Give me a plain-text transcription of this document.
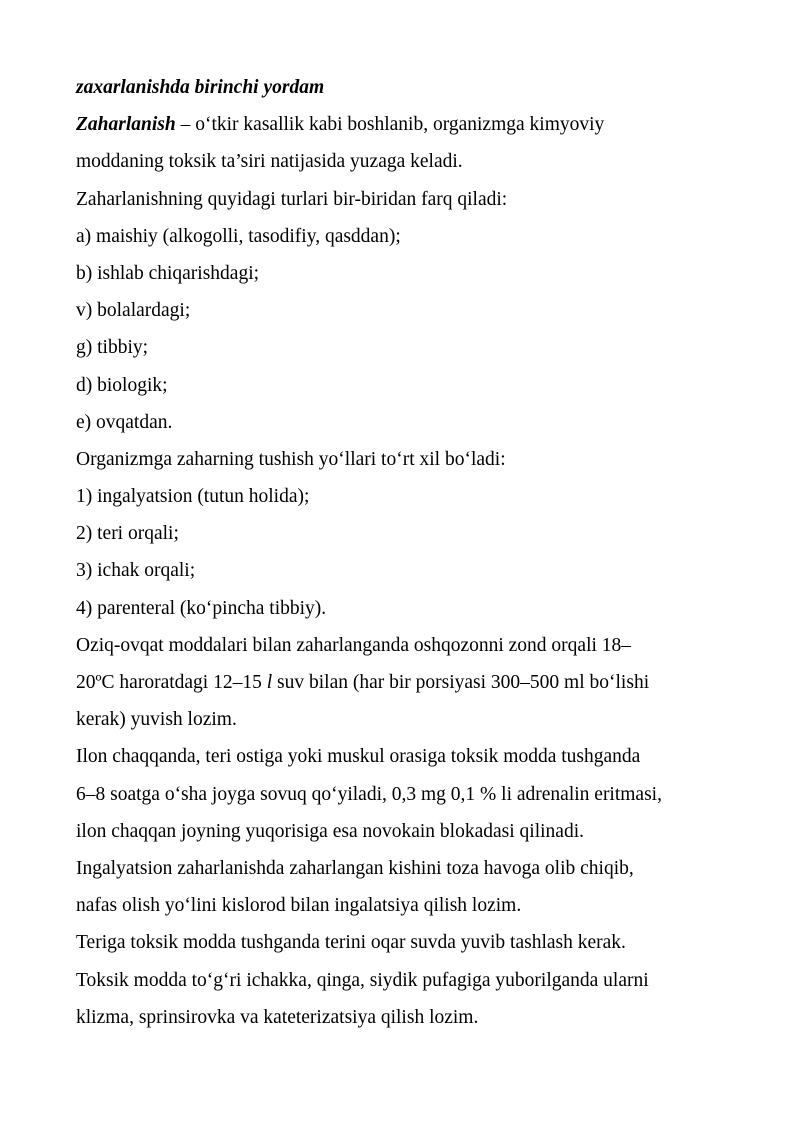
zaxarlanishda birinchi yordam
Zaharlanish – o‘tkir kasallik kabi boshlanib, organizmga kimyoviy
moddaning toksik ta’siri natijasida yuzaga keladi.
Zaharlanishning quyidagi turlari bir-biridan farq qiladi:
a) maishiy (alkogolli, tasodifiy, qasddan);
b) ishlab chiqarishdagi;
v) bolalardagi;
g) tibbiy;
d) biologik;
e) ovqatdan.
Organizmga zaharning tushish yo‘llari to‘rt xil bo‘ladi:
1) ingalyatsion (tutun holida);
2) teri orqali;
3) ichak orqali;
4) parenteral (ko‘pincha tibbiy).
Oziq-ovqat moddalari bilan zaharlanganda oshqozonni zond orqali 18–
20ºC haroratdagi 12–15 l suv bilan (har bir porsiyasi 300–500 ml bo‘lishi
kerak) yuvish lozim.
Ilon chaqqanda, teri ostiga yoki muskul orasiga toksik modda tushganda
6–8 soatga o‘sha joyga sovuq qo‘yiladi, 0,3 mg 0,1 % li adrenalin eritmasi,
ilon chaqqan joyning yuqorisiga esa novokain blokadasi qilinadi.
Ingalyatsion zaharlanishda zaharlangan kishini toza havoga olib chiqib,
nafas olish yo‘lini kislorod bilan ingalatsiya qilish lozim.
Teriga toksik modda tushganda terini oqar suvda yuvib tashlash kerak.
Toksik modda to‘g‘ri ichakka, qinga, siydik pufagiga yuborilganda ularni
klizma, sprinsirovka va kateterizatsiya qilish lozim.
